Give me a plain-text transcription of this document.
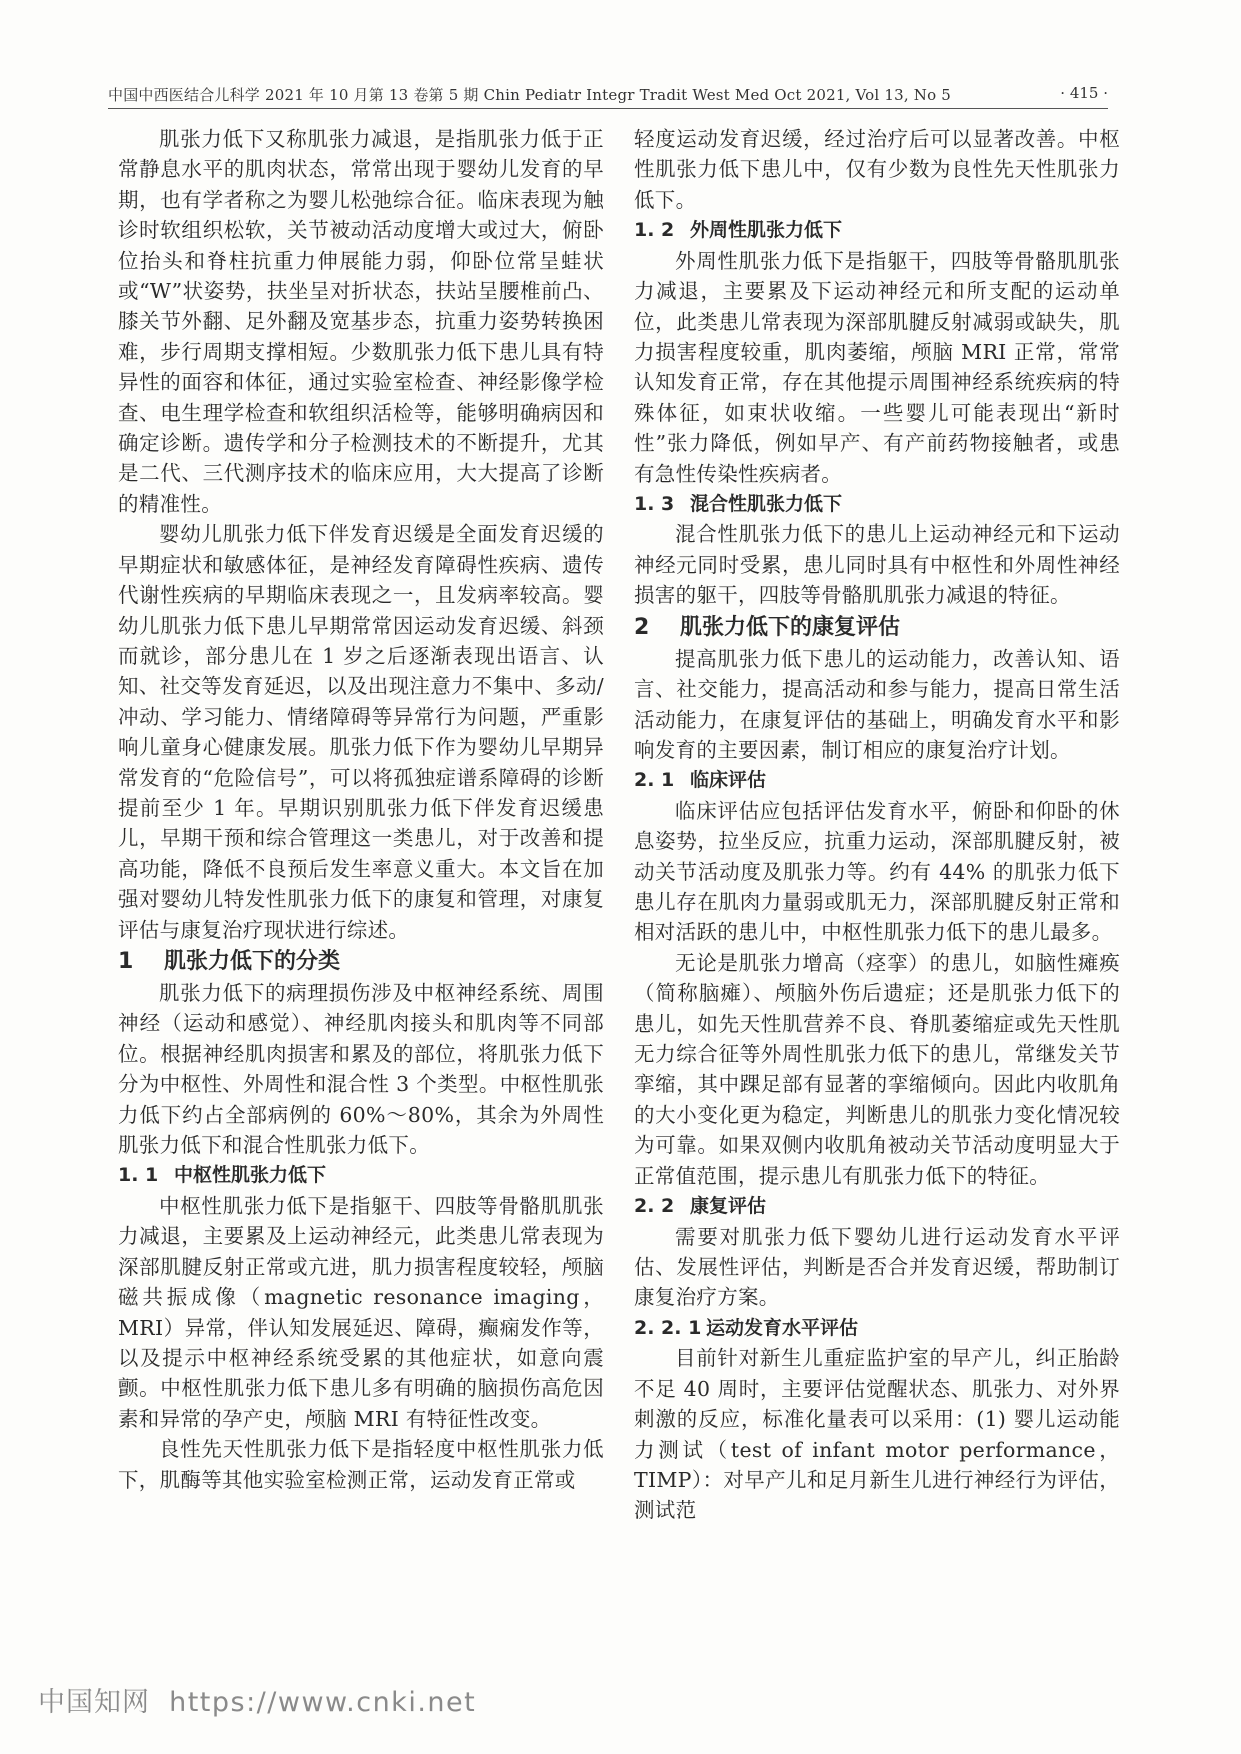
中国中西医结合儿科学 2021 年 10 月第 13 卷第 5 期 Chin Pediatr Integr Tradit West Med Oct 2021, Vol 13, No 5	· 415 ·

肌张力低下又称肌张力减退，是指肌张力低于正常静息水平的肌肉状态，常常出现于婴幼儿发育的早期，也有学者称之为婴儿松弛综合征。临床表现为触诊时软组织松软，关节被动活动度增大或过大，俯卧位抬头和脊柱抗重力伸展能力弱，仰卧位常呈蛙状或“W”状姿势，扶坐呈对折状态，扶站呈腰椎前凸、膝关节外翻、足外翻及宽基步态，抗重力姿势转换困难，步行周期支撑相短。少数肌张力低下患儿具有特异性的面容和体征，通过实验室检查、神经影像学检查、电生理学检查和软组织活检等，能够明确病因和确定诊断。遗传学和分子检测技术的不断提升，尤其是二代、三代测序技术的临床应用，大大提高了诊断的精准性。

婴幼儿肌张力低下伴发育迟缓是全面发育迟缓的早期症状和敏感体征，是神经发育障碍性疾病、遗传代谢性疾病的早期临床表现之一，且发病率较高。婴幼儿肌张力低下患儿早期常常因运动发育迟缓、斜颈而就诊，部分患儿在 1 岁之后逐渐表现出语言、认知、社交等发育延迟，以及出现注意力不集中、多动/冲动、学习能力、情绪障碍等异常行为问题，严重影响儿童身心健康发展。肌张力低下作为婴幼儿早期异常发育的“危险信号”，可以将孤独症谱系障碍的诊断提前至少 1 年。早期识别肌张力低下伴发育迟缓患儿，早期干预和综合管理这一类患儿，对于改善和提高功能，降低不良预后发生率意义重大。本文旨在加强对婴幼儿特发性肌张力低下的康复和管理，对康复评估与康复治疗现状进行综述。

1 肌张力低下的分类

肌张力低下的病理损伤涉及中枢神经系统、周围神经（运动和感觉）、神经肌肉接头和肌肉等不同部位。根据神经肌肉损害和累及的部位，将肌张力低下分为中枢性、外周性和混合性 3 个类型。中枢性肌张力低下约占全部病例的 60%～80%，其余为外周性肌张力低下和混合性肌张力低下。

1. 1 中枢性肌张力低下

中枢性肌张力低下是指躯干、四肢等骨骼肌肌张力减退，主要累及上运动神经元，此类患儿常表现为深部肌腱反射正常或亢进，肌力损害程度较轻，颅脑磁共振成像（magnetic resonance imaging，MRI）异常，伴认知发展延迟、障碍，癫痫发作等，以及提示中枢神经系统受累的其他症状，如意向震颤。中枢性肌张力低下患儿多有明确的脑损伤高危因素和异常的孕产史，颅脑 MRI 有特征性改变。

良性先天性肌张力低下是指轻度中枢性肌张力低下，肌酶等其他实验室检测正常，运动发育正常或

轻度运动发育迟缓，经过治疗后可以显著改善。中枢性肌张力低下患儿中，仅有少数为良性先天性肌张力低下。

1. 2 外周性肌张力低下

外周性肌张力低下是指躯干，四肢等骨骼肌肌张力减退，主要累及下运动神经元和所支配的运动单位，此类患儿常表现为深部肌腱反射减弱或缺失，肌力损害程度较重，肌肉萎缩，颅脑 MRI 正常，常常认知发育正常，存在其他提示周围神经系统疾病的特殊体征，如束状收缩。一些婴儿可能表现出“新时性”张力降低，例如早产、有产前药物接触者，或患有急性传染性疾病者。

1. 3 混合性肌张力低下

混合性肌张力低下的患儿上运动神经元和下运动神经元同时受累，患儿同时具有中枢性和外周性神经损害的躯干，四肢等骨骼肌肌张力减退的特征。

2 肌张力低下的康复评估

提高肌张力低下患儿的运动能力，改善认知、语言、社交能力，提高活动和参与能力，提高日常生活活动能力，在康复评估的基础上，明确发育水平和影响发育的主要因素，制订相应的康复治疗计划。

2. 1 临床评估

临床评估应包括评估发育水平，俯卧和仰卧的休息姿势，拉坐反应，抗重力运动，深部肌腱反射，被动关节活动度及肌张力等。约有 44% 的肌张力低下患儿存在肌肉力量弱或肌无力，深部肌腱反射正常和相对活跃的患儿中，中枢性肌张力低下的患儿最多。

无论是肌张力增高（痉挛）的患儿，如脑性瘫痪（简称脑瘫）、颅脑外伤后遗症；还是肌张力低下的患儿，如先天性肌营养不良、脊肌萎缩症或先天性肌无力综合征等外周性肌张力低下的患儿，常继发关节挛缩，其中踝足部有显著的挛缩倾向。因此内收肌角的大小变化更为稳定，判断患儿的肌张力变化情况较为可靠。如果双侧内收肌角被动关节活动度明显大于正常值范围，提示患儿有肌张力低下的特征。

2. 2 康复评估

需要对肌张力低下婴幼儿进行运动发育水平评估、发展性评估，判断是否合并发育迟缓，帮助制订康复治疗方案。

2. 2. 1 运动发育水平评估

目前针对新生儿重症监护室的早产儿，纠正胎龄不足 40 周时，主要评估觉醒状态、肌张力、对外界刺激的反应，标准化量表可以采用：(1) 婴儿运动能力测试（test of infant motor performance，TIMP）：对早产儿和足月新生儿进行神经行为评估，测试范

中国知网 https://www.cnki.net
